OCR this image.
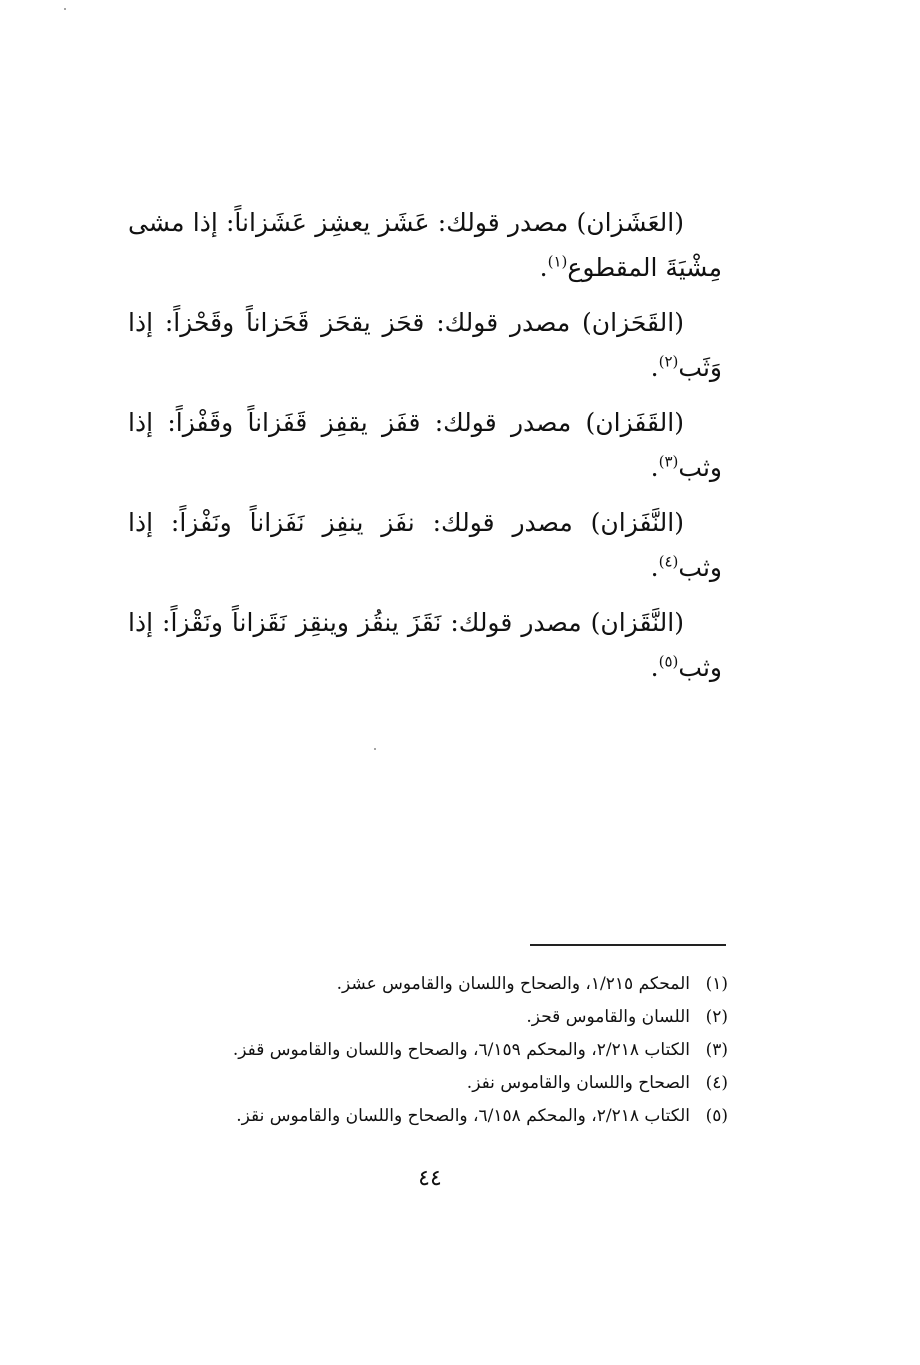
(العَشَزان) مصدر قولك: عَشَز يعشِز عَشَزاناً: إذا مشى مِشْيَةَ المقطوع$^{(١)}$.

(القَحَزان) مصدر قولك: قحَز يقحَز قَحَزاناً وقَحْزاً: إذا وَثَب$^{(٢)}$.

(القَفَزان) مصدر قولك: قفَز يقفِز قَفَزاناً وقَفْزاً: إذا وثب$^{(٣)}$.

(النَّفَزان) مصدر قولك: نفَز ينفِز نَفَزاناً ونَفْزاً: إذا وثب$^{(٤)}$.

(النَّقَزان) مصدر قولك: نَقَزَ ينقُز وينقِز نَقَزاناً ونَقْزاً: إذا وثب$^{(٥)}$.

(١)المحكم ١/٢١٥، والصحاح واللسان والقاموس عشز.
(٢)اللسان والقاموس قحز.
(٣)الكتاب ٢/٢١٨، والمحكم ٦/١٥٩، والصحاح واللسان والقاموس قفز.
(٤)الصحاح واللسان والقاموس نفز.
(٥)الكتاب ٢/٢١٨، والمحكم ٦/١٥٨، والصحاح واللسان والقاموس نقز.
٤٤
